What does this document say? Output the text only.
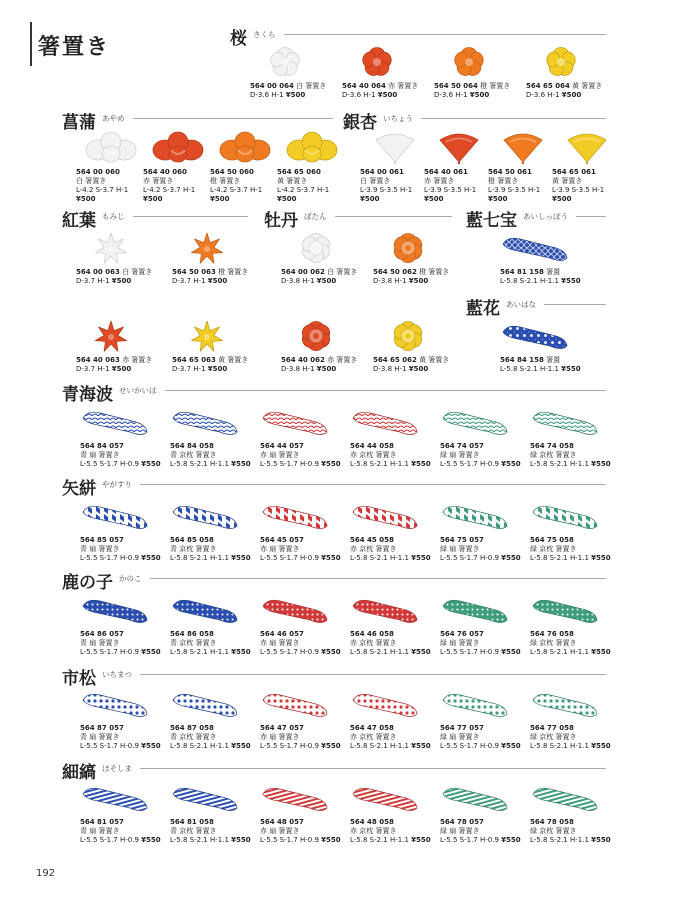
箸置き	桜 さくら
菖蒲 あやめ	銀杏 いちょう
紅葉 もみじ	牡丹 ぼたん	藍七宝 あいしっぽう
藍花 あいはな
青海波 せいかいは
矢絣 やがすり
鹿の子 かのこ
市松 いちまつ
細縞 ほそしま
564 00 064 白 箸置き
D-3.6 H-1 ¥500
564 40 064 赤 箸置き
D-3.6 H-1 ¥500
564 50 064 橙 箸置き
D-3.6 H-1 ¥500
564 65 064 黄 箸置き
D-3.6 H-1 ¥500
564 00 060
白 箸置き
L-4.2 S-3.7 H-1
¥500
564 40 060
赤 箸置き
L-4.2 S-3.7 H-1
¥500
564 50 060
橙 箸置き
L-4.2 S-3.7 H-1
¥500
564 65 060
黄 箸置き
L-4.2 S-3.7 H-1
¥500
564 00 061
白 箸置き
L-3.9 S-3.5 H-1
¥500
564 40 061
赤 箸置き
L-3.9 S-3.5 H-1
¥500
564 50 061
橙 箸置き
L-3.9 S-3.5 H-1
¥500
564 65 061
黄 箸置き
L-3.9 S-3.5 H-1
¥500
564 00 063 白 箸置き
D-3.7 H-1 ¥500
564 50 063 橙 箸置き
D-3.7 H-1 ¥500
564 40 063 赤 箸置き
D-3.7 H-1 ¥500
564 65 063 黄 箸置き
D-3.7 H-1 ¥500
564 00 062 白 箸置き
D-3.8 H-1 ¥500
564 50 062 橙 箸置き
D-3.8 H-1 ¥500
564 40 062 赤 箸置き
D-3.8 H-1 ¥500
564 65 062 黄 箸置き
D-3.8 H-1 ¥500
564 81 158 箸置
L-5.8 S-2.1 H-1.1 ¥550
564 84 158 箸置
L-5.8 S-2.1 H-1.1 ¥550
564 84 057
青 扇 箸置き
L-5.5 S-1.7 H-0.9 ¥550
564 84 058
青 京枕 箸置き
L-5.8 S-2.1 H-1.1 ¥550
564 44 057
赤 扇 箸置き
L-5.5 S-1.7 H-0.9 ¥550
564 44 058
赤 京枕 箸置き
L-5.8 S-2.1 H-1.1 ¥550
564 74 057
緑 扇 箸置き
L-5.5 S-1.7 H-0.9 ¥550
564 74 058
緑 京枕 箸置き
L-5.8 S-2.1 H-1.1 ¥550
564 85 057
青 扇 箸置き
L-5.5 S-1.7 H-0.9 ¥550
564 85 058
青 京枕 箸置き
L-5.8 S-2.1 H-1.1 ¥550
564 45 057
赤 扇 箸置き
L-5.5 S-1.7 H-0.9 ¥550
564 45 058
赤 京枕 箸置き
L-5.8 S-2.1 H-1.1 ¥550
564 75 057
緑 扇 箸置き
L-5.5 S-1.7 H-0.9 ¥550
564 75 058
緑 京枕 箸置き
L-5.8 S-2.1 H-1.1 ¥550
564 86 057
青 扇 箸置き
L-5.5 S-1.7 H-0.9 ¥550
564 86 058
青 京枕 箸置き
L-5.8 S-2.1 H-1.1 ¥550
564 46 057
赤 扇 箸置き
L-5.5 S-1.7 H-0.9 ¥550
564 46 058
赤 京枕 箸置き
L-5.8 S-2.1 H-1.1 ¥550
564 76 057
緑 扇 箸置き
L-5.5 S-1.7 H-0.9 ¥550
564 76 058
緑 京枕 箸置き
L-5.8 S-2.1 H-1.1 ¥550
564 87 057
青 扇 箸置き
L-5.5 S-1.7 H-0.9 ¥550
564 87 058
青 京枕 箸置き
L-5.8 S-2.1 H-1.1 ¥550
564 47 057
赤 扇 箸置き
L-5.5 S-1.7 H-0.9 ¥550
564 47 058
赤 京枕 箸置き
L-5.8 S-2.1 H-1.1 ¥550
564 77 057
緑 扇 箸置き
L-5.5 S-1.7 H-0.9 ¥550
564 77 058
緑 京枕 箸置き
L-5.8 S-2.1 H-1.1 ¥550
564 81 057
青 扇 箸置き
L-5.5 S-1.7 H-0.9 ¥550
564 81 058
青 京枕 箸置き
L-5.8 S-2.1 H-1.1 ¥550
564 48 057
赤 扇 箸置き
L-5.5 S-1.7 H-0.9 ¥550
564 48 058
赤 京枕 箸置き
L-5.8 S-2.1 H-1.1 ¥550
564 78 057
緑 扇 箸置き
L-5.5 S-1.7 H-0.9 ¥550
564 78 058
緑 京枕 箸置き
L-5.8 S-2.1 H-1.1 ¥550
192
